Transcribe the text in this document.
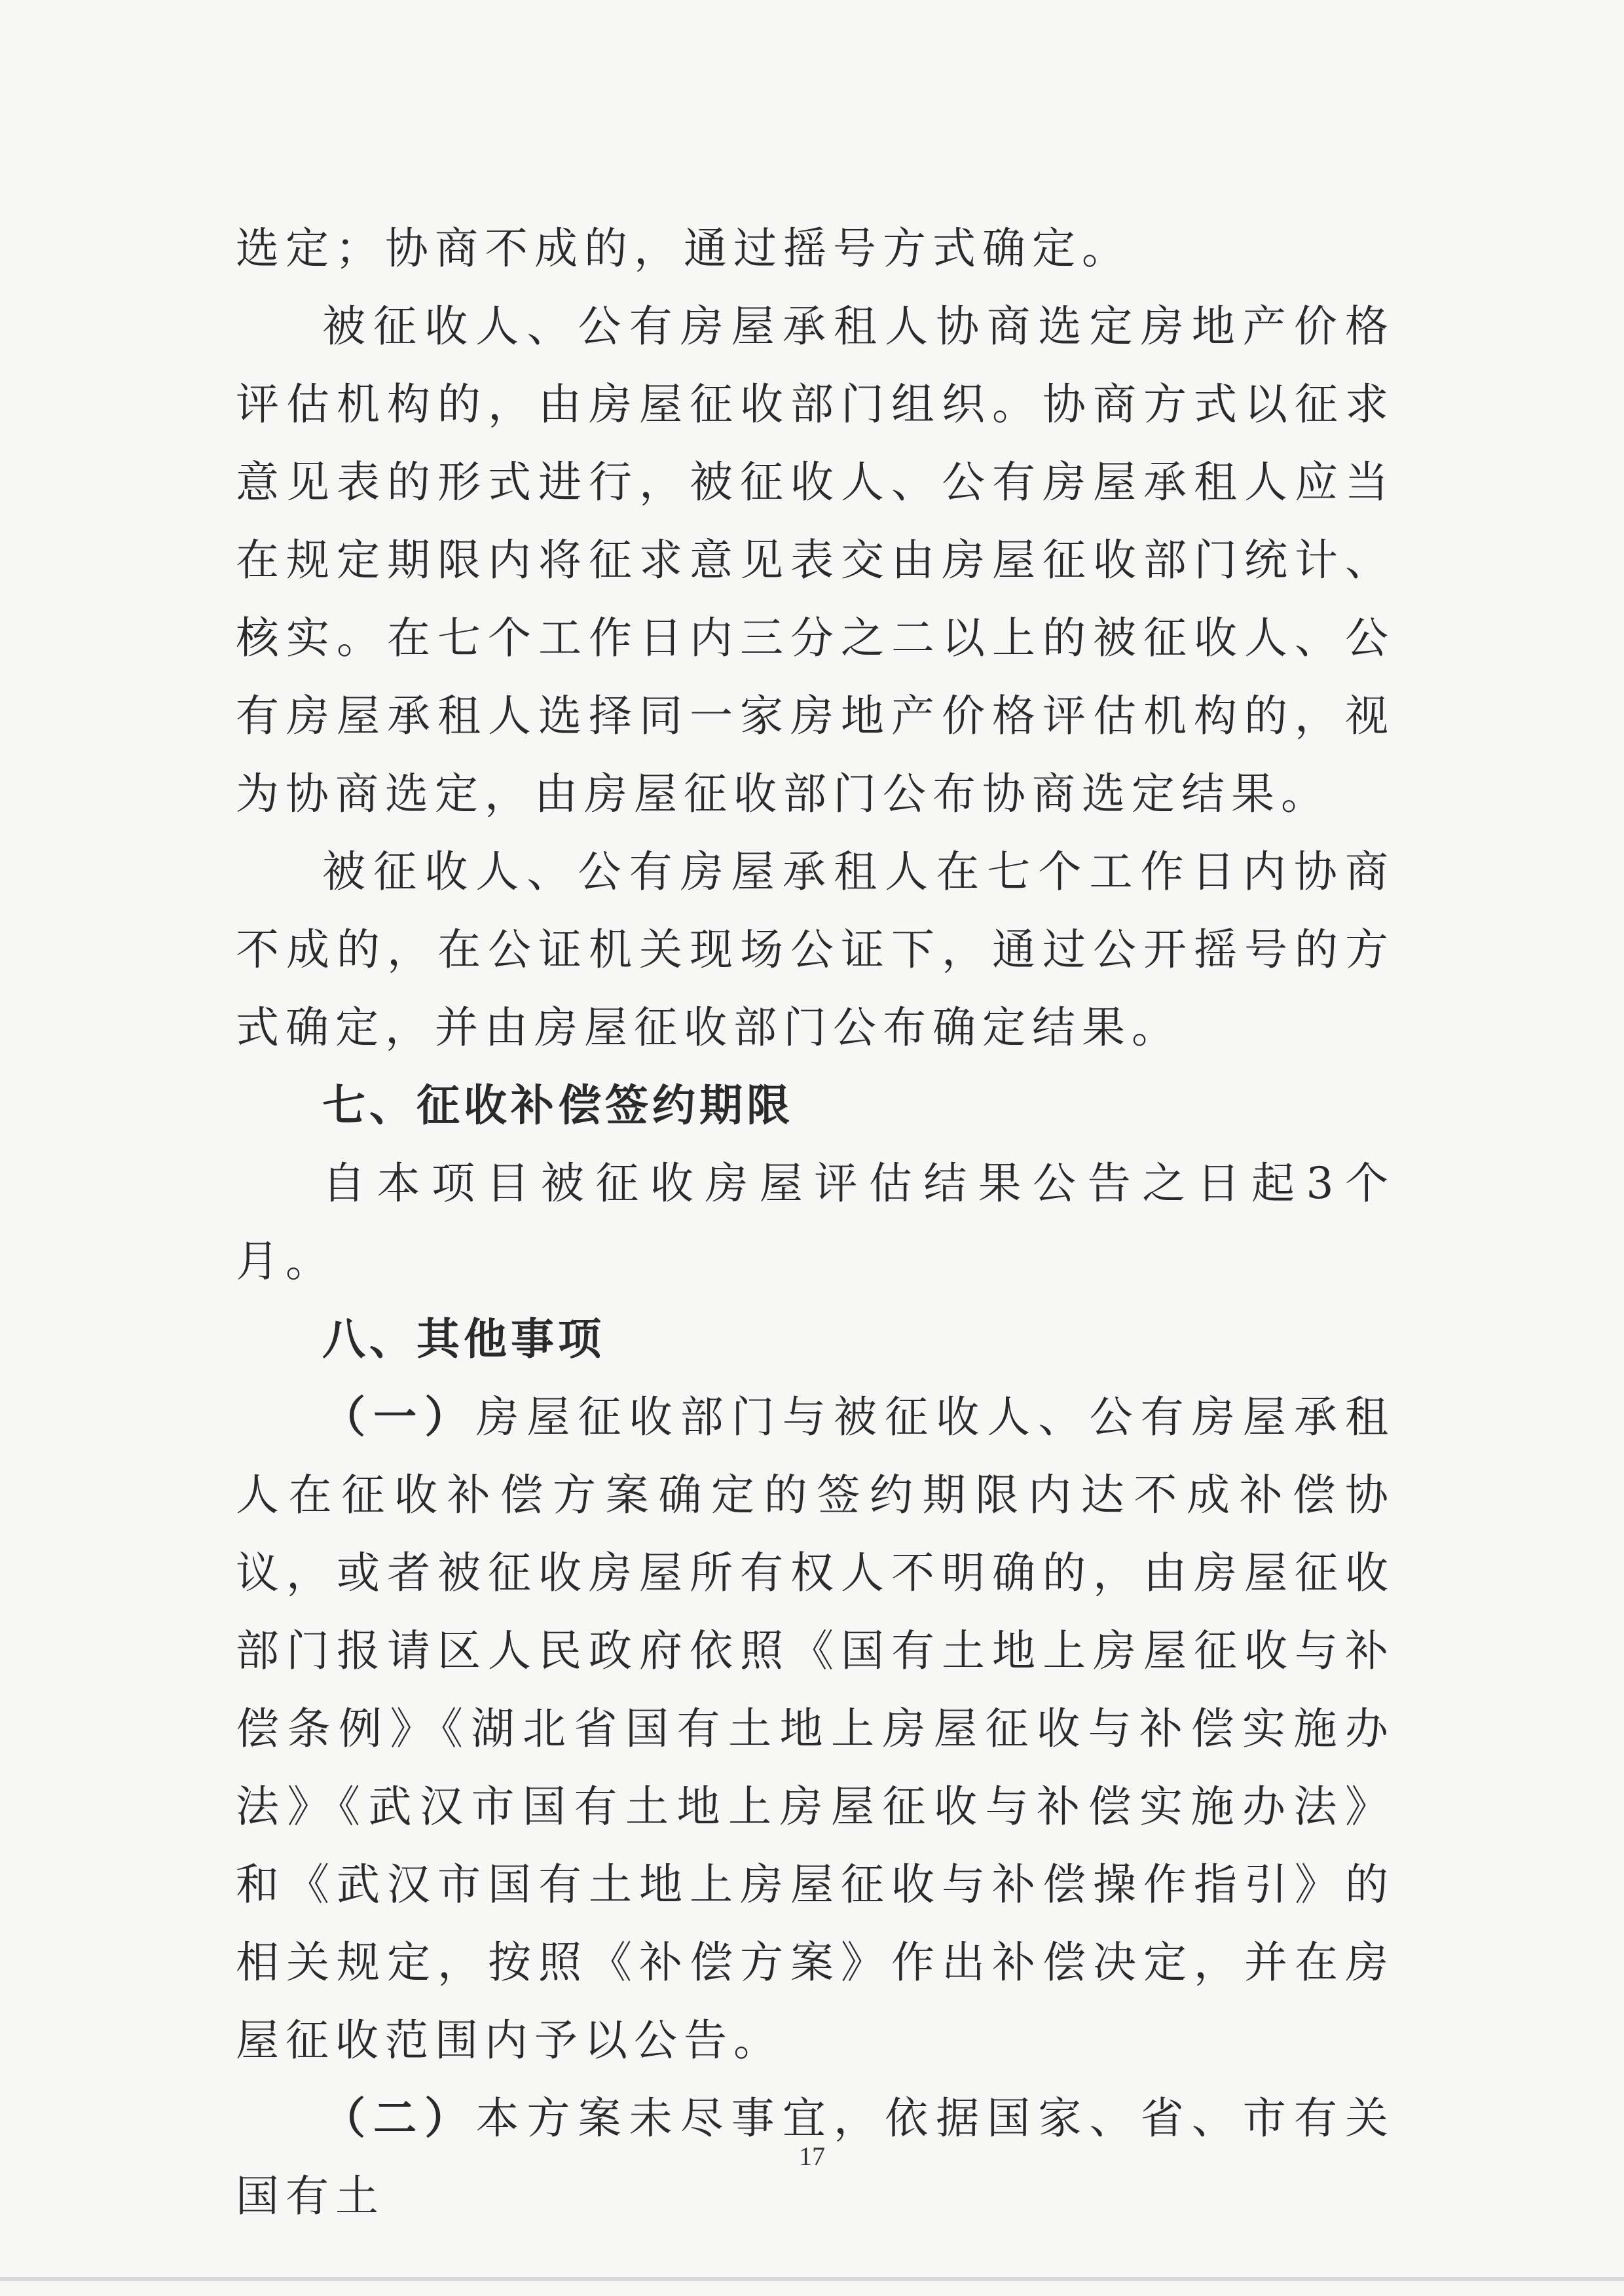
选定；协商不成的，通过摇号方式确定。

被征收人、公有房屋承租人协商选定房地产价格评估机构的，由房屋征收部门组织。协商方式以征求意见表的形式进行，被征收人、公有房屋承租人应当在规定期限内将征求意见表交由房屋征收部门统计、核实。在七个工作日内三分之二以上的被征收人、公有房屋承租人选择同一家房地产价格评估机构的，视为协商选定，由房屋征收部门公布协商选定结果。

被征收人、公有房屋承租人在七个工作日内协商不成的，在公证机关现场公证下，通过公开摇号的方式确定，并由房屋征收部门公布确定结果。

七、征收补偿签约期限

自本项目被征收房屋评估结果公告之日起3个月。

八、其他事项

（一）房屋征收部门与被征收人、公有房屋承租人在征收补偿方案确定的签约期限内达不成补偿协议，或者被征收房屋所有权人不明确的，由房屋征收部门报请区人民政府依照《国有土地上房屋征收与补偿条例》《湖北省国有土地上房屋征收与补偿实施办法》《武汉市国有土地上房屋征收与补偿实施办法》和《武汉市国有土地上房屋征收与补偿操作指引》的相关规定，按照《补偿方案》作出补偿决定，并在房屋征收范围内予以公告。

（二）本方案未尽事宜，依据国家、省、市有关国有土

17
